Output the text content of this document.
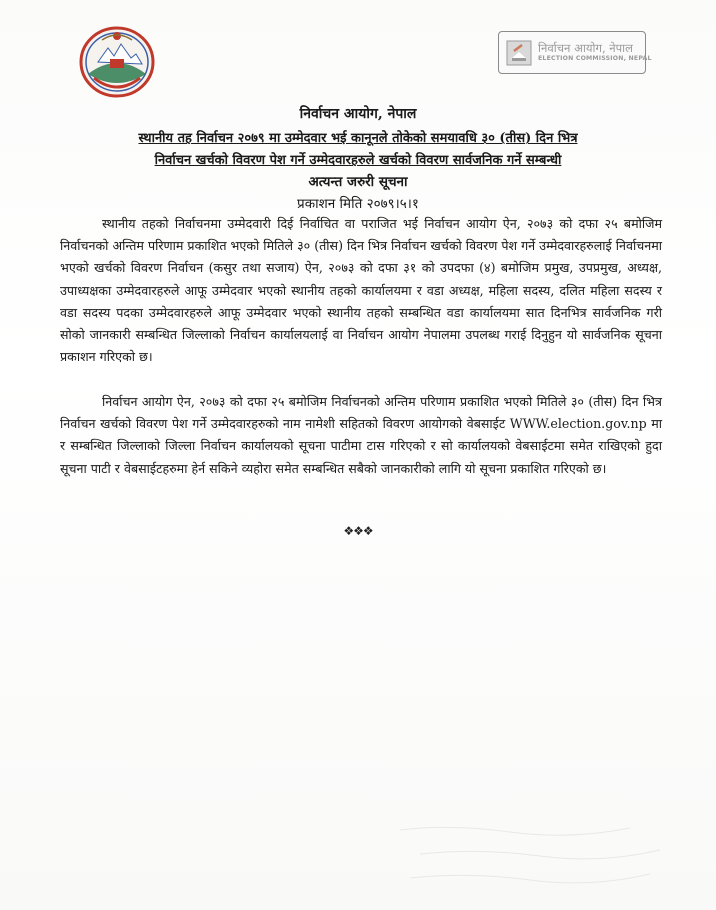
निर्वाचन आयोग, नेपाल
ELECTION COMMISSION, NEPAL
निर्वाचन आयोग, नेपाल
स्थानीय तह निर्वाचन २०७९ मा उम्मेदवार भई कानूनले तोकेको समयावधि ३० (तीस) दिन भित्र
निर्वाचन खर्चको विवरण पेश गर्ने उम्मेदवारहरुले खर्चको विवरण सार्वजनिक गर्ने सम्बन्धी
अत्यन्त जरुरी सूचना
प्रकाशन मिति २०७९।५।१

स्थानीय तहको निर्वाचनमा उम्मेदवारी दिई निर्वाचित वा पराजित भई निर्वाचन आयोग ऐन, २०७३ को दफा २५ बमोजिम निर्वाचनको अन्तिम परिणाम प्रकाशित भएको मितिले ३० (तीस) दिन भित्र निर्वाचन खर्चको विवरण पेश गर्ने उम्मेदवारहरुलाई निर्वाचनमा भएको खर्चको विवरण निर्वाचन (कसुर तथा सजाय) ऐन, २०७३ को दफा ३१ को उपदफा (४) बमोजिम प्रमुख, उपप्रमुख, अध्यक्ष, उपाध्यक्षका उम्मेदवारहरुले आफू उम्मेदवार भएको स्थानीय तहको कार्यालयमा र वडा अध्यक्ष, महिला सदस्य, दलित महिला सदस्य र वडा सदस्य पदका उम्मेदवारहरुले आफू उम्मेदवार भएको स्थानीय तहको सम्बन्धित वडा कार्यालयमा सात दिनभित्र सार्वजनिक गरी सोको जानकारी सम्बन्धित जिल्लाको निर्वाचन कार्यालयलाई वा निर्वाचन आयोग नेपालमा उपलब्ध गराई दिनुहुन यो सार्वजनिक सूचना प्रकाशन गरिएको छ।

निर्वाचन आयोग ऐन, २०७३ को दफा २५ बमोजिम निर्वाचनको अन्तिम परिणाम प्रकाशित भएको मितिले ३० (तीस) दिन भित्र निर्वाचन खर्चको विवरण पेश गर्ने उम्मेदवारहरुको नाम नामेशी सहितको विवरण आयोगको वेबसाईट WWW.election.gov.np मा र सम्बन्धित जिल्लाको जिल्ला निर्वाचन कार्यालयको सूचना पाटीमा टास गरिएको र सो कार्यालयको वेबसाईटमा समेत राखिएको हुदा सूचना पाटी र वेबसाईटहरुमा हेर्न सकिने व्यहोरा समेत सम्बन्धित सबैको जानकारीको लागि यो सूचना प्रकाशित गरिएको छ।

❖❖❖
